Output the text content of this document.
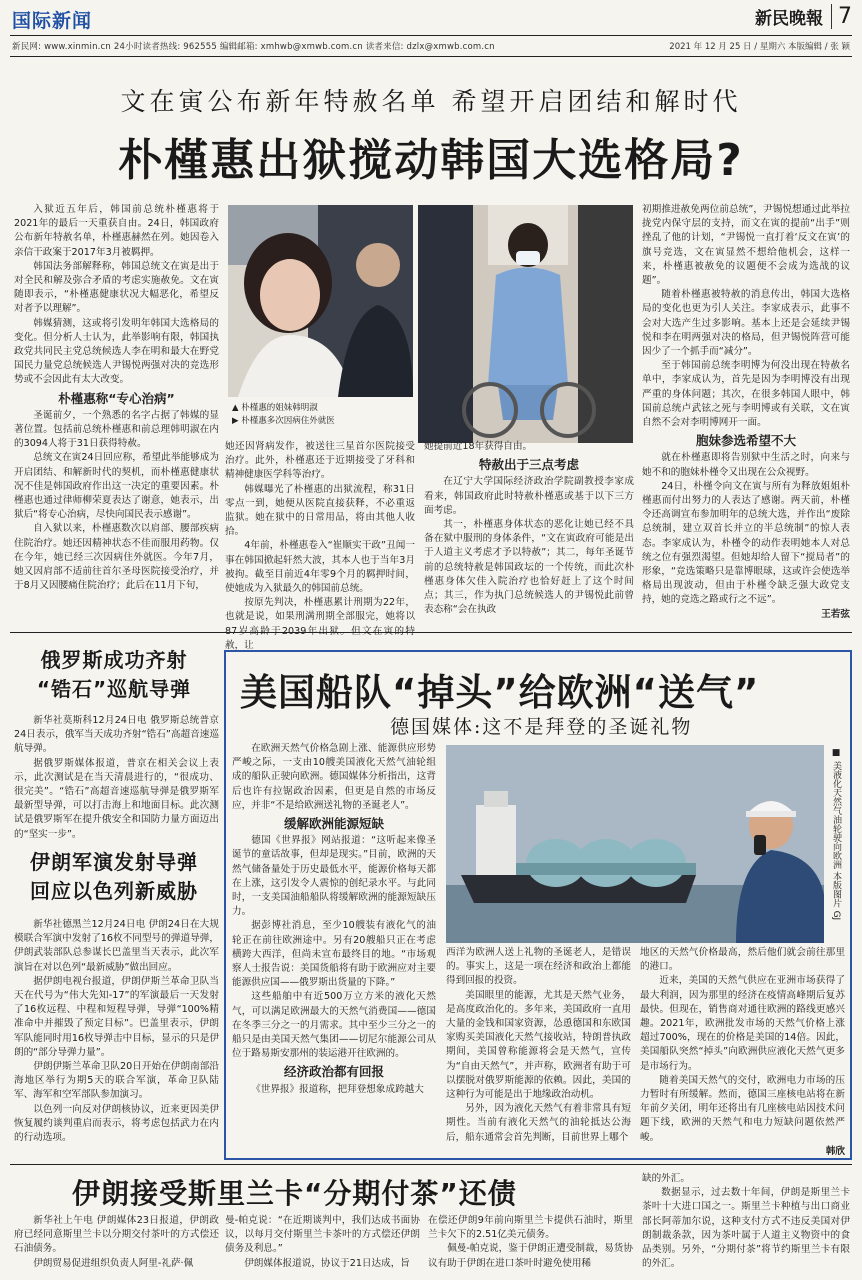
国际新闻	新民晚報 7
新民网: www.xinmin.cn 24小时读者热线: 962555 编辑邮箱: xmhwb@xmwb.com.cn 读者来信: dzlx@xmwb.com.cn	2021 年 12 月 25 日 / 星期六 本版编辑 / 张 颖
文在寅公布新年特赦名单 希望开启团结和解时代
朴槿惠出狱搅动韩国大选格局?

入狱近五年后，韩国前总统朴槿惠将于2021年的最后一天重获自由。24日，韩国政府公布新年特赦名单，朴槿惠赫然在列。她因卷入亲信干政案于2017年3月被羁押。

韩国法务部解释称，韩国总统文在寅是出于对全民和解及弥合矛盾的考虑实施赦免。文在寅随即表示，“朴槿惠健康状况大幅恶化，希望反对者予以理解”。

韩媒猜测，这或将引发明年韩国大选格局的变化。但分析人士认为，此举影响有限，韩国执政党共同民主党总统候选人李在明和最大在野党国民力量党总统候选人尹锡悦两强对决的竞选形势或不会因此有太大改变。

朴槿惠称“专心治病”

圣诞前夕，一个熟悉的名字占据了韩媒的显著位置。包括前总统朴槿惠和前总理韩明淑在内的3094人将于31日获得特赦。

总统文在寅24日回应称，希望此举能够成为开启团结、和解新时代的契机，而朴槿惠健康状况不佳是韩国政府作出这一决定的重要因素。朴槿惠也通过律师柳荣夏表达了谢意，她表示，出狱后“将专心治病，尽快向国民表示感谢”。

自入狱以来，朴槿惠数次以肩部、腰部疾病住院治疗。她还因精神状态不佳而服用药物。仅在今年，她已经三次因病住外就医。今年7月，她又因肩部不适前往首尔圣母医院接受治疗，并于8月又因腰痛住院治疗；此后在11月下旬，

▲ 朴槿惠的姐妹韩明淑
▶ 朴槿惠多次因病住外就医

她还因肾病发作，被送往三星首尔医院接受治疗。此外，朴槿惠还于近期接受了牙科和精神健康医学科等治疗。

韩媒曝光了朴槿惠的出狱流程，称31日零点一到，她便从医院直接获释，不必重返监狱。她在狱中的日常用品，将由其他人收拾。

4年前，朴槿惠卷入“崔顺实干政”丑闻一事在韩国掀起轩然大波，其本人也于当年3月被拘。截至目前近4年零9个月的羁押时间，使她成为入狱最久的韩国前总统。

按原先判决，朴槿惠累计刑期为22年，也就是说，如果刑满刑期全部服完，她将以87岁高龄于2039年出狱。但文在寅的特赦，让

她提前近18年获得自由。

特赦出于三点考虑

在辽宁大学国际经济政治学院副教授李家成看来，韩国政府此时特赦朴槿惠或基于以下三方面考虑。

其一，朴槿惠身体状态的恶化让她已经不具备在狱中服刑的身体条件，“文在寅政府可能是出于人道主义考虑才予以特赦”；其二，每年圣诞节前的总统特赦是韩国政坛的一个传统，而此次朴槿惠身体欠佳入院治疗也恰好赶上了这个时间点；其三，作为执门总统候选人的尹锡悦此前曾表态称“会在执政

初期推进赦免两位前总统”，尹锡悦想通过此举拉拢党内保守层的支持，而文在寅的提前“出手”则挫乱了他的计划，“尹锡悦一直打着‘反文在寅’的旗号竞选，文在寅显然不想给他机会，这样一来，朴槿惠被赦免的议题便不会成为选战的议题”。

随着朴槿惠被特赦的消息传出，韩国大选格局的变化也更为引人关注。李家成表示，此事不会对大选产生过多影响。基本上还是会延续尹锡悦和李在明两强对决的格局，但尹锡悦阵营可能因少了一个抓手而“减分”。

至于韩国前总统李明博为何没出现在特赦名单中，李家成认为，首先是因为李明博没有出现严重的身体问题；其次，在很多韩国人眼中，韩国前总统卢武铉之死与李明博或有关联，文在寅自然不会对李明博网开一面。

胞妹参选希望不大

就在朴槿惠即将告别狱中生活之时，向来与她不和的胞妹朴槿令又出现在公众视野。

24日，朴槿令向文在寅与所有为释放姐姐朴槿惠而付出努力的人表达了感谢。两天前，朴槿令还高调宣布参加明年的总统大选，并作出“废除总统制，建立双首长并立的半总统制”的惊人表态。李家成认为，朴槿令的动作表明她本人对总统之位有强烈渴望。但她却给人留下“搅局者”的形象，“竞选策略只是靠博眼球，这或许会使选举格局出现波动，但由于朴槿令缺乏强大政党支持，她的竞选之路或行之不远”。

王若弦
俄罗斯成功齐射
“锆石”巡航导弹

新华社莫斯科12月24日电 俄罗斯总统普京24日表示，俄军当天成功齐射“锆石”高超音速巡航导弹。

据俄罗斯媒体报道，普京在相关会议上表示，此次测试是在当天清晨进行的，“很成功、很完美”。“锆石”高超音速巡航导弹是俄罗斯军最新型导弹，可以打击海上和地面目标。此次测试是俄罗斯军在提升俄安全和国防力量方面迈出的“坚实一步”。

伊朗军演发射导弹
回应以色列新威胁

新华社德黑兰12月24日电 伊朗24日在大规模联合军演中发射了16枚不同型号的弹道导弹，伊朗武装部队总参谋长巴盖里当天表示，此次军演旨在对以色列“最新威胁”做出回应。

据伊朗电视台报道，伊朗伊斯兰革命卫队当天在代号为“伟大先知-17”的军演最后一天发射了16枚远程、中程和短程导弹，导弹“100%精准命中并摧毁了预定目标”。巴盖里表示，伊朗军队能同时用16枚导弹击中目标，显示的只是伊朗的“部分导弹力量”。

伊朗伊斯兰革命卫队20日开始在伊朗南部沿海地区举行为期5天的联合军演，革命卫队陆军、海军和空军部队参加演习。

以色列一向反对伊朗核协议，近来更因美伊恢复履约谈判重启而表示，将考虑包括武力在内的行动选项。

美国船队“掉头”给欧洲“送气”
德国媒体:这不是拜登的圣诞礼物

在欧洲天然气价格急剧上涨、能源供应形势严峻之际，一支由10艘美国液化天然气油轮组成的船队正驶向欧洲。德国媒体分析指出，这背后也许有拉锯政治因素，但更是自然的市场反应，并非“不是给欧洲送礼物的圣诞老人”。

缓解欧洲能源短缺

德国《世界报》网站报道：“这听起来像圣诞节的童话故事，但却是现实。”目前，欧洲的天然气储备量处于历史最低水平，能源价格每天都在上涨，这引发令人震惊的创纪录水平。与此同时，一支美国油船船队将缓解欧洲的能源短缺压力。

据彭博社消息，至少10艘装有液化气的油轮正在前往欧洲途中。另有20艘船只正在考虑横跨大西洋，但尚未宣布最终目的地。“市场观察人士报告说：美国货船将有助于欧洲应对主要能源供应国——俄罗斯出货量的下降。”

这些船舶中有近500万立方米的液化天然气，可以满足欧洲最大的天然气消费国——德国在冬季三分之一的月需求。其中至少三分之一的船只是由美国天然气集团——切尼尔能源公司从位于路易斯安那州的装运港开往欧洲的。

经济政治都有回报

《世界报》报道称，把拜登想象成跨越大

■ 美液化天然气油轮驶向欧洲 本版图片 GJ

西洋为欧洲人送上礼物的圣诞老人，是错误的。事实上，这是一项在经济和政治上都能得到回报的投资。

美国眼里的能源，尤其是天然气业务，是高度政治化的。多年来，美国政府一直用大量的金钱和国家资源，怂恿德国和东欧国家购买美国液化天然气接收站，特朗普执政期间，美国曾称能源将会是天然气，宣传为“自由天然气”，并声称，欧洲者有助于可以摆脱对俄罗斯能源的依赖。因此，美国的这种行为可能是出于地缘政治动机。

另外，因为液化天然气有着非常具有短期性。当前有液化天然气的油轮抵达公海后，船东通常会首先判断，目前世界上哪个

地区的天然气价格最高，然后他们就会前往那里的港口。

近来，美国的天然气供应在亚洲市场获得了最大利润，因为那里的经济在疫情高峰期后复苏最快。但现在，销售商对通往欧洲的路线更感兴趣。2021年，欧洲批发市场的天然气价格上涨超过700%，现在的价格是美国的14倍。因此，美国船队突然“掉头”向欧洲供应液化天然气更多是市场行为。

随着美国天然气的交付，欧洲电力市场的压力暂时有所缓解。然而，德国三座核电站将在新年前夕关闭，明年还将出有几座核电站因技术问题下线，欧洲的天然气和电力短缺问题依然严峻。

韩欣
伊朗接受斯里兰卡“分期付茶”还债

新华社上午电 伊朗媒体23日报道，伊朗政府已经同意斯里兰卡以分期交付茶叶的方式偿还石油债务。

伊朗贸易促进组织负责人阿里-礼萨·佩

曼-帕克说：“在近期谈判中，我们达成书面协议，以每月交付斯里兰卡茶叶的方式偿还伊朗债务及利息。”

伊朗媒体报道说，协议于21日达成，旨

在偿还伊朗9年前向斯里兰卡提供石油时，斯里兰卡欠下的2.51亿美元债务。

佩曼-帕克说，鉴于伊朗正遭受制裁，易货协议有助于伊朗在进口茶叶时避免使用稀

缺的外汇。

数据显示，过去数十年间，伊朗是斯里兰卡茶叶十大进口国之一。斯里兰卡种植与出口商业部长阿蒂加尔说，这种支付方式不违反美国对伊朗制裁条款，因为茶叶属于人道主义物资中的食品类别。另外，“分期付茶”将节约斯里兰卡有限的外汇。
